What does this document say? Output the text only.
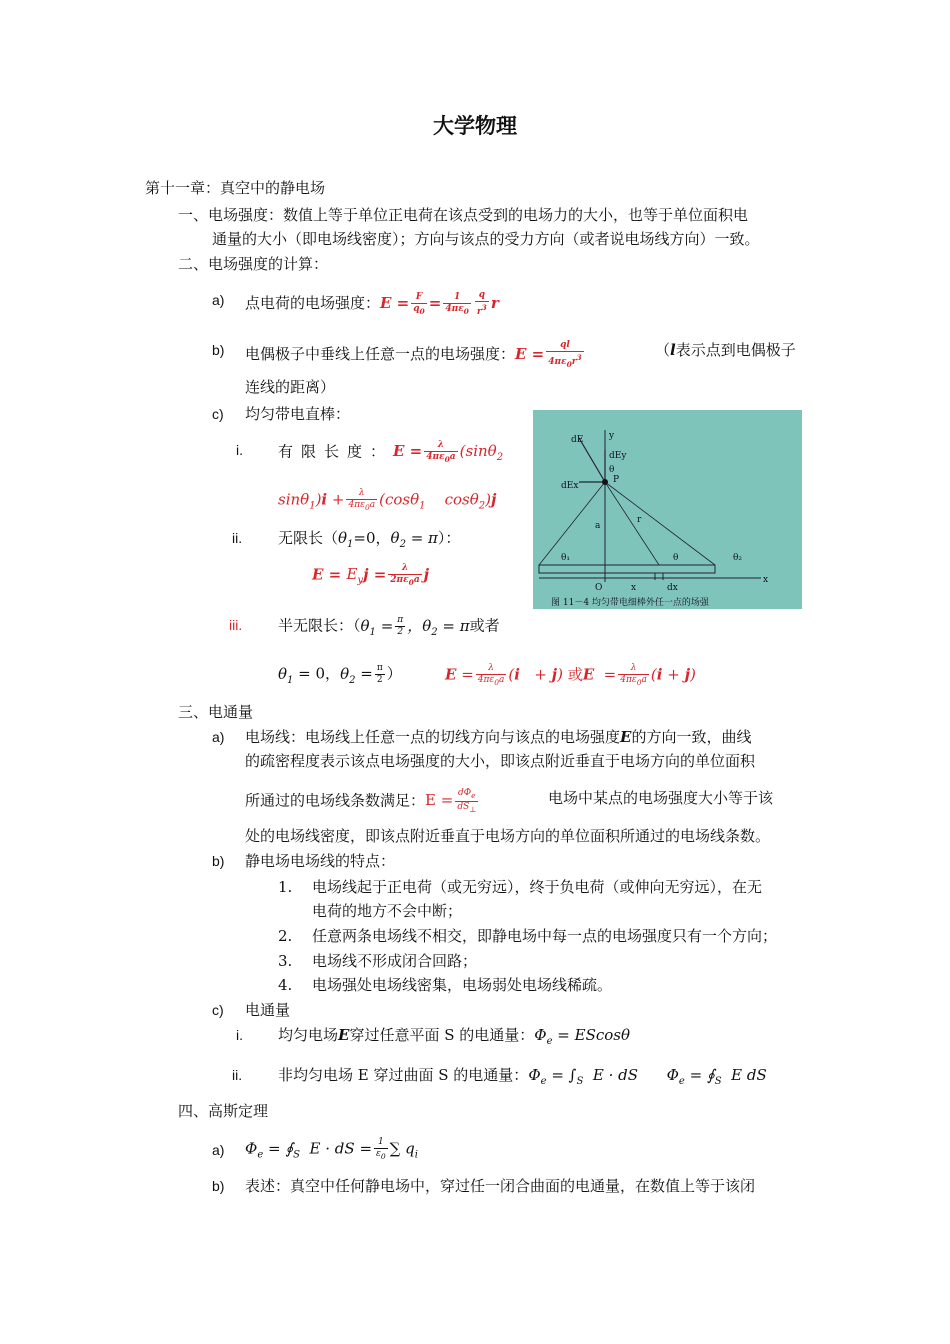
大学物理
第十一章：真空中的静电场
一、电场强度：数值上等于单位正电荷在该点受到的电场力的大小，也等于单位面积电
通量的大小（即电场线密度）；方向与该点的受力方向（或者说电场线方向）一致。
二、电场强度的计算：
a) 点电荷的电场强度：$E = \frac{F}{q_0} = \frac{1}{4\pi\varepsilon_0} \frac{q}{r^3}$ r
b) 电偶极子中垂线上任意一点的电场强度：$E = \frac{ql}{4\pi\varepsilon_0r^3}$	（l表示点到电偶极子
连线的距离）
c) 均匀带电直棒：
i. 有限长度：$E = \frac{\lambda}{4\pi\varepsilon_0a} (\sin\theta_2$
$\sin\theta_1)i + \frac{\lambda}{4\pi\varepsilon_0a} (\cos\theta_1$    cosθ$_2$)j
ii. 无限长（$\theta_1=0$，$\theta_2 = \pi$）：
$E = E_yj = \frac{\lambda}{2\pi\varepsilon_0a}$ j
iii. 半无限长：（$\theta_1 = \frac{\pi}{2}$ ，$\theta_2 = \pi$或者
$\theta_1 = 0$，$\theta_2 = \frac{\pi}{2}$ ）	$E = \frac{\lambda}{4\pi\varepsilon_0a} (i + j)$ 或$E = \frac{\lambda}{4\pi\varepsilon_0a} (i + j)$
dE	y
dEy
θ
P
dEx
a
r
θ₁	θ	θ₂
O	x	dx
x
图 11－4 均匀带电细棒外任一点的场强
三、电通量
a) 电场线：电场线上任意一点的切线方向与该点的电场强度E的方向一致，曲线
的疏密程度表示该点电场强度的大小，即该点附近垂直于电场方向的单位面积
所通过的电场线条数满足：$E = \frac{d\Phi_e}{dS_\perp}$	电场中某点的电场强度大小等于该
处的电场线密度，即该点附近垂直于电场方向的单位面积所通过的电场线条数。
b) 静电场电场线的特点：
1. 电场线起于正电荷（或无穷远），终于负电荷（或伸向无穷远），在无
电荷的地方不会中断；
2. 任意两条电场线不相交，即静电场中每一点的电场强度只有一个方向；
3. 电场线不形成闭合回路；
4. 电场强处电场线密集，电场弱处电场线稀疏。
c) 电通量
i. 均匀电场E穿过任意平面 S 的电通量：$\Phi_e = EScos\theta$
ii. 非均匀电场 E 穿过曲面 S 的电通量：$\Phi_e = \int_S$  E · dS      $\Phi_e$ = $∮_S$  E dS
四、高斯定理
a) $\Phi_e$ = $∮_S$  E · dS = $\frac{1}{\varepsilon_0}$ ∑ $q_i$
b) 表述：真空中任何静电场中，穿过任一闭合曲面的电通量，在数值上等于该闭
